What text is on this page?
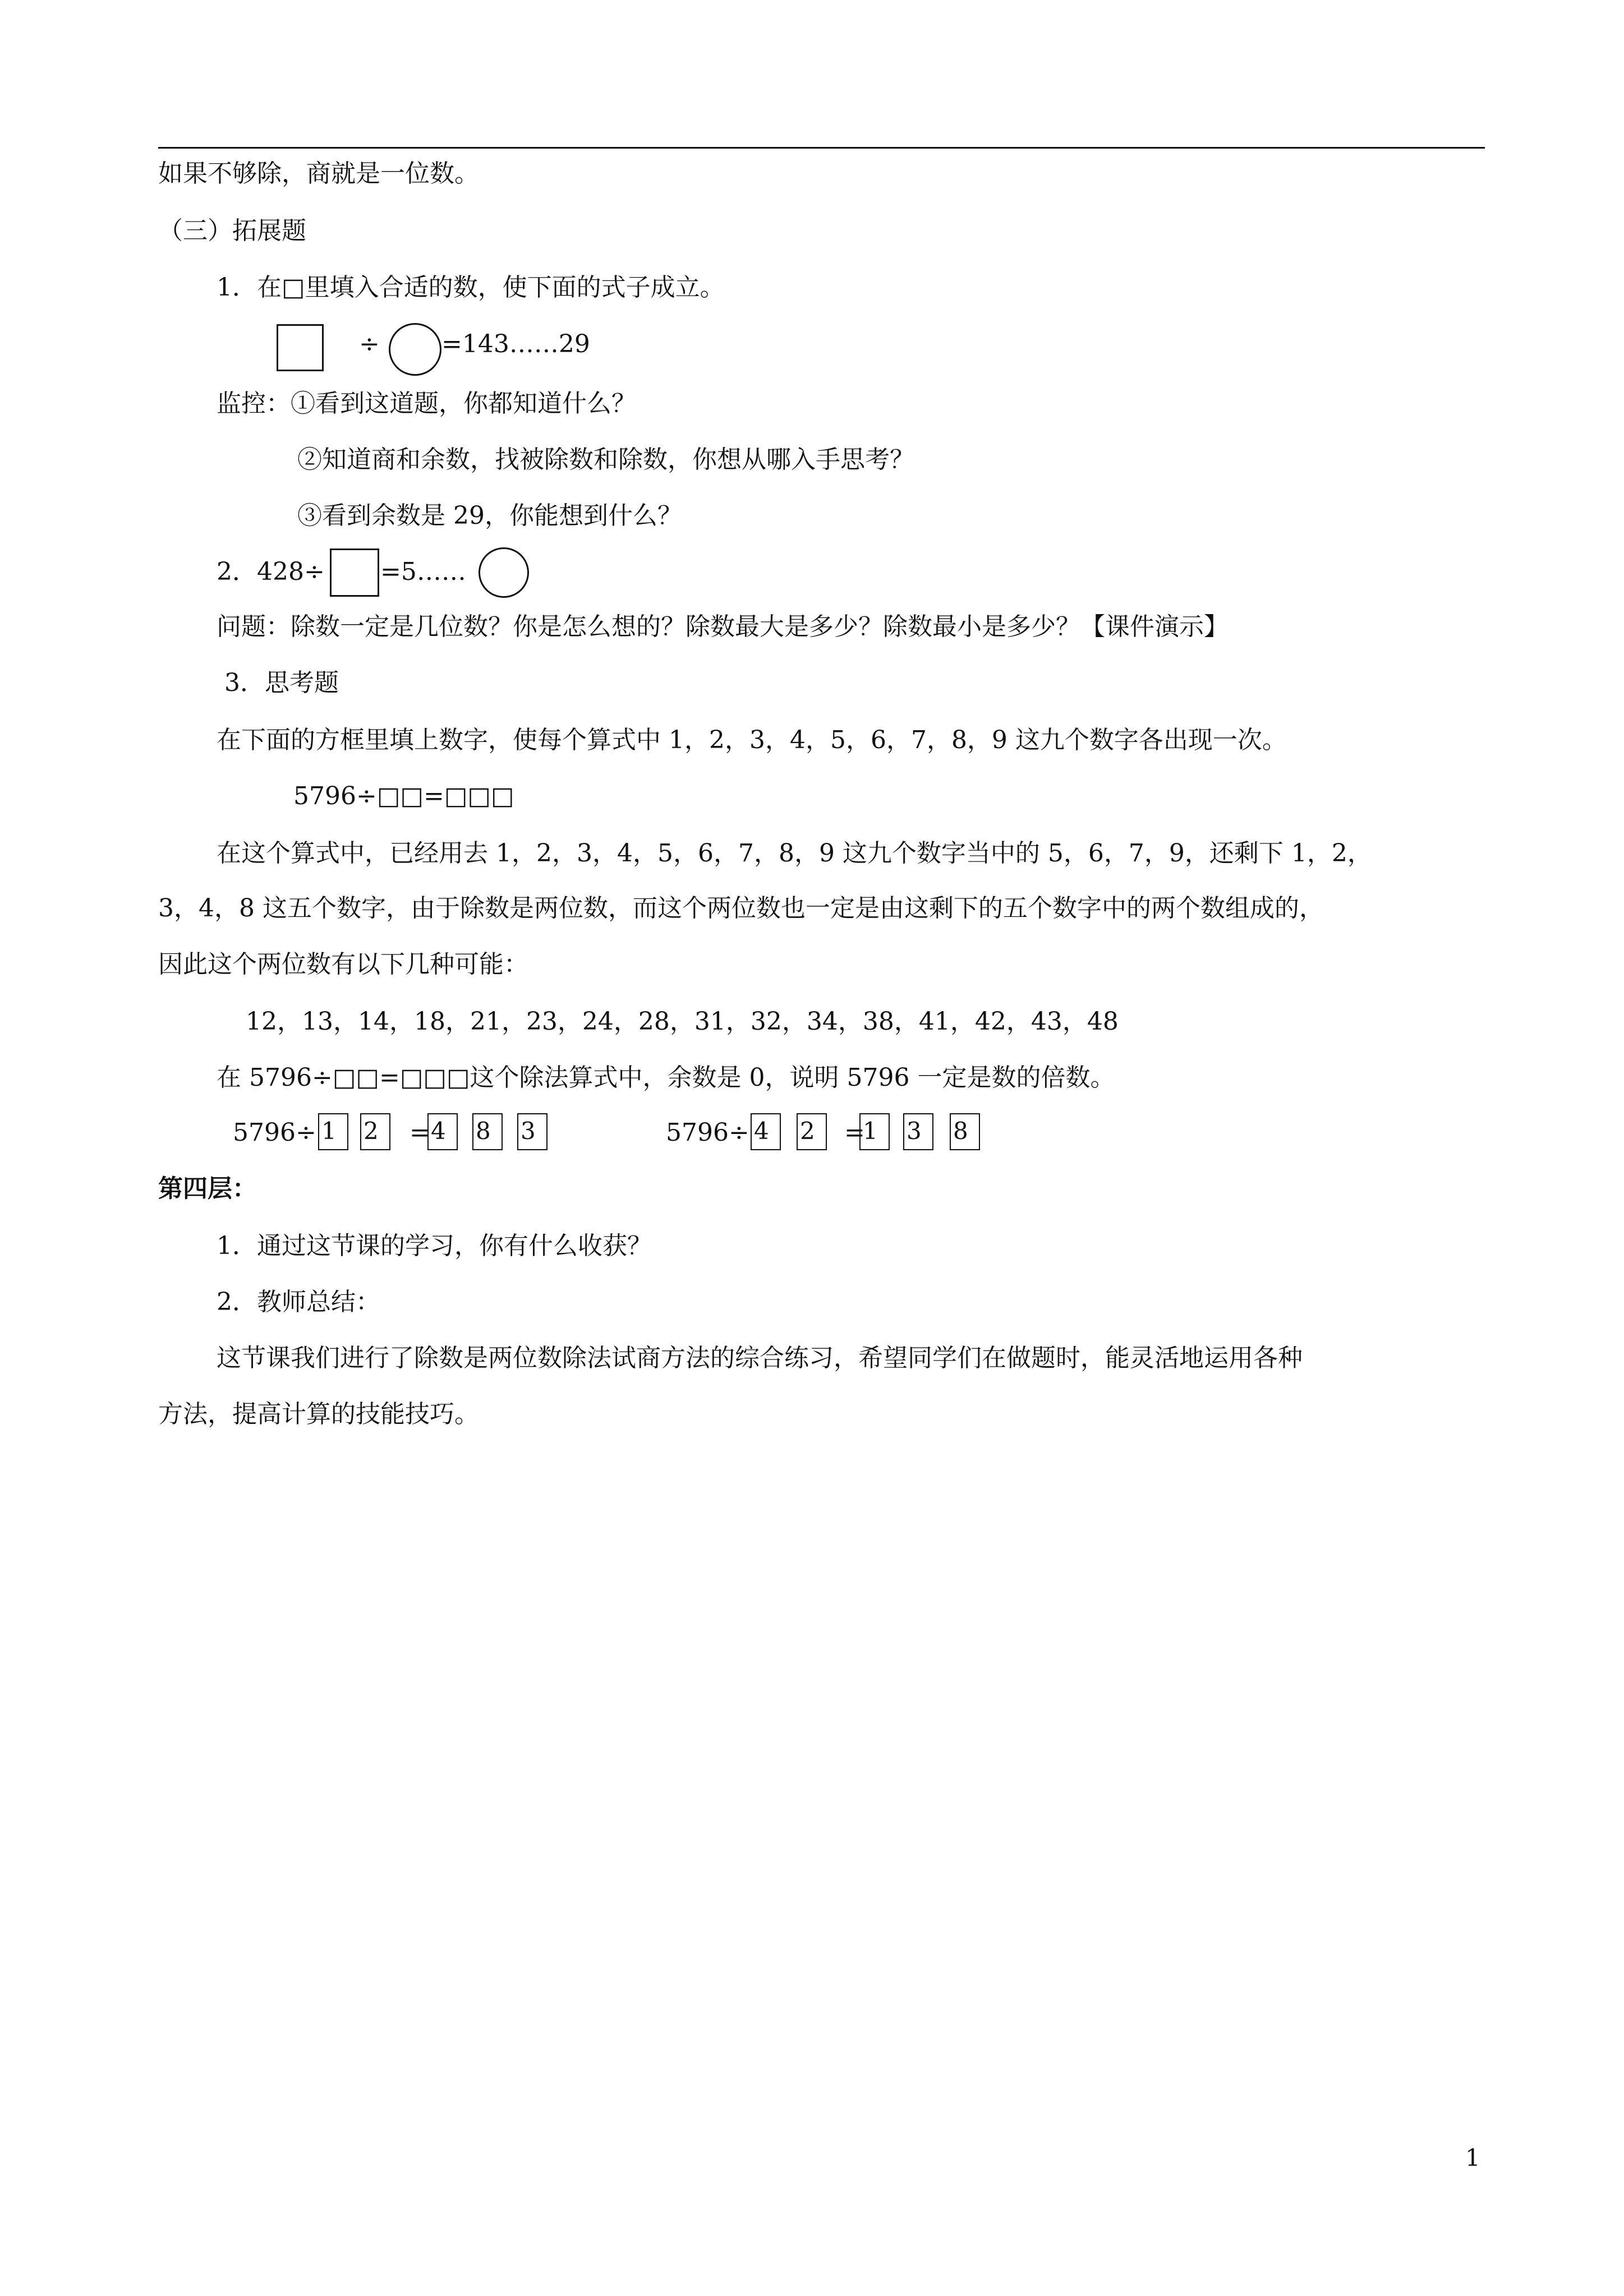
如果不够除，商就是一位数。
（三）拓展题
1．在□里填入合适的数，使下面的式子成立。
÷	=143……29
监控：①看到这道题，你都知道什么？
②知道商和余数，找被除数和除数，你想从哪入手思考？
③看到余数是 29，你能想到什么？
2．428÷ =5……
问题：除数一定是几位数？你是怎么想的？除数最大是多少？除数最小是多少？【课件演示】
3．思考题
在下面的方框里填上数字，使每个算式中 1，2，3，4，5，6，7，8，9 这九个数字各出现一次。
5796÷□□=□□□
在这个算式中，已经用去 1，2，3，4，5，6，7，8，9 这九个数字当中的 5，6，7，9，还剩下 1，2，
3，4，8 这五个数字，由于除数是两位数，而这个两位数也一定是由这剩下的五个数字中的两个数组成的，
因此这个两位数有以下几种可能：
12，13，14，18，21，23，24，28，31，32，34，38，41，42，43，48
在 5796÷□□=□□□这个除法算式中，余数是 0，说明 5796 一定是数的倍数。
5796÷ 1	2	= 4	8	3	5796÷ 4	2	=
1	3	8
第四层：
1．通过这节课的学习，你有什么收获？
2．教师总结：
这节课我们进行了除数是两位数除法试商方法的综合练习，希望同学们在做题时，能灵活地运用各种
方法，提高计算的技能技巧。
1
